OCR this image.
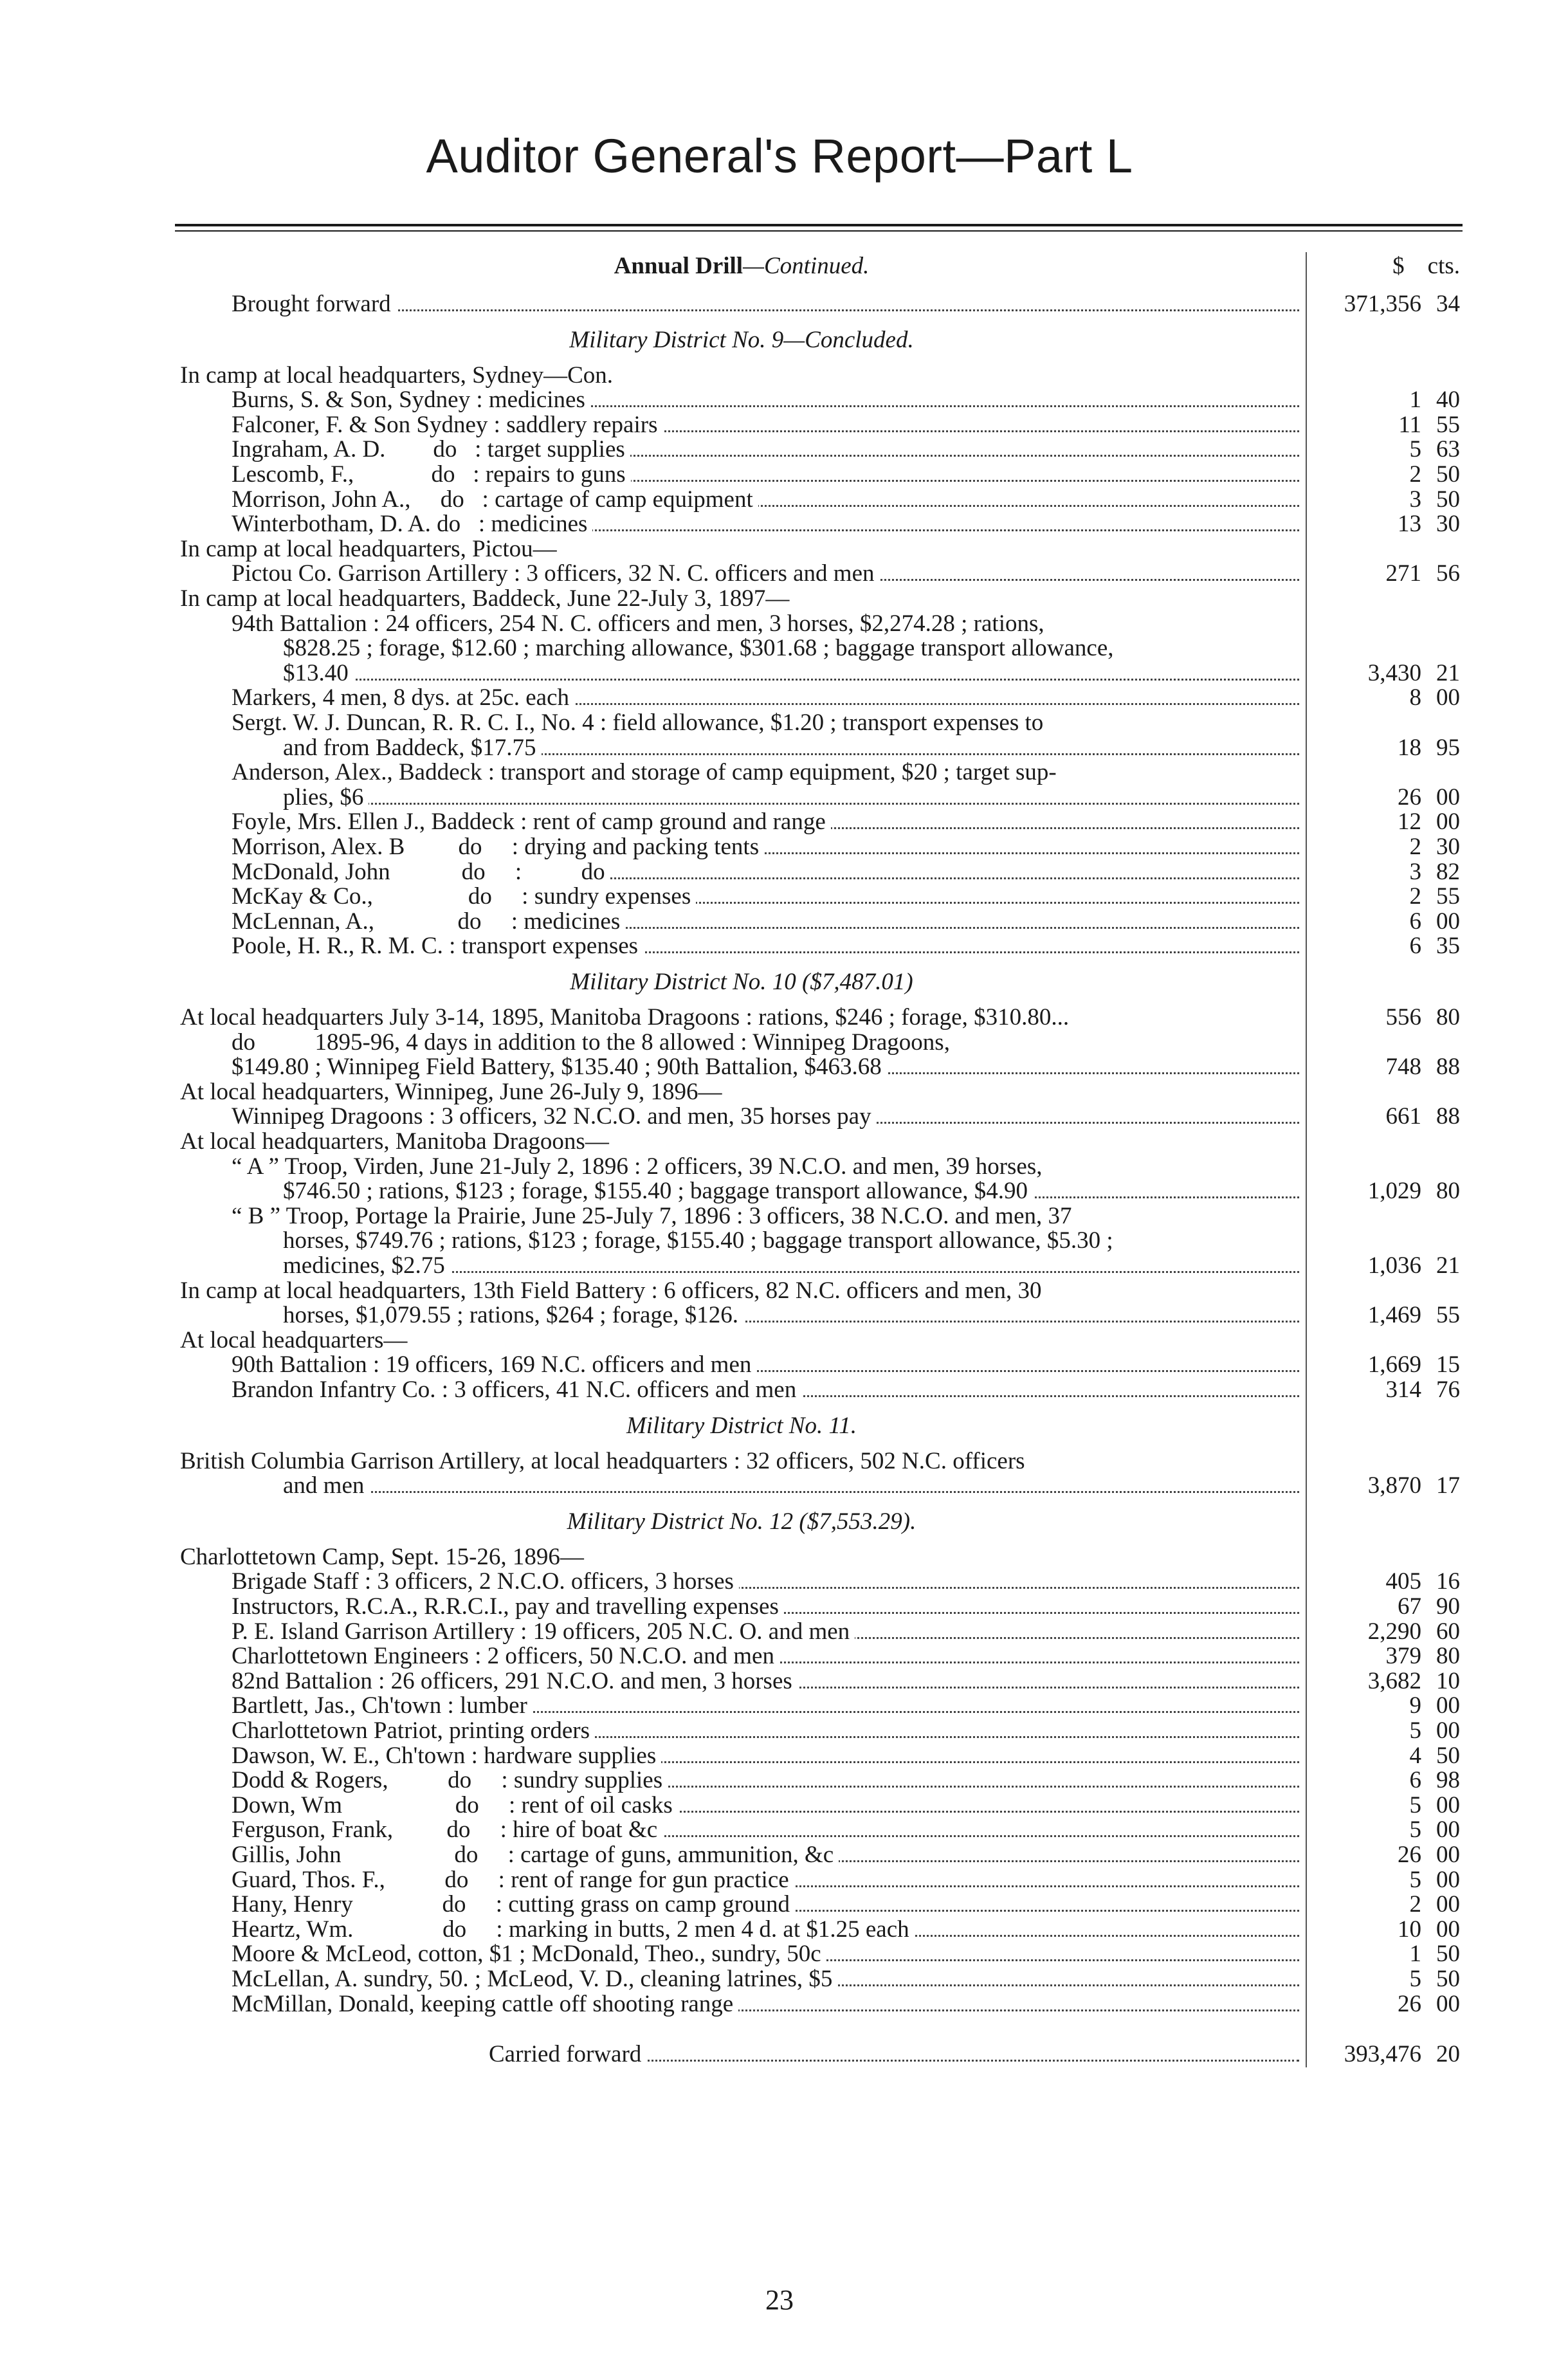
Auditor General's Report—Part L
Annual Drill—Continued.	$ cts.
Brought forward	371,356 34
Military District No. 9—Concluded.
In camp at local headquarters, Sydney—Con.
Burns, S. & Son, Sydney : medicines	1 40
Falconer, F. & Son Sydney : saddlery repairs	11 55
Ingraham, A. D.        do   : target supplies	5 63
Lescomb, F.,             do   : repairs to guns	2 50
Morrison, John A.,     do   : cartage of camp equipment	3 50
Winterbotham, D. A. do   : medicines	13 30
In camp at local headquarters, Pictou—
Pictou Co. Garrison Artillery : 3 officers, 32 N. C. officers and men	271 56
In camp at local headquarters, Baddeck, June 22-July 3, 1897—
94th Battalion : 24 officers, 254 N. C. officers and men, 3 horses, $2,274.28 ; rations,
$828.25 ; forage, $12.60 ; marching allowance, $301.68 ; baggage transport allowance,
$13.40	3,430 21
Markers, 4 men, 8 dys. at 25c. each	8 00
Sergt. W. J. Duncan, R. R. C. I., No. 4 : field allowance, $1.20 ; transport expenses to
and from Baddeck, $17.75	18 95
Anderson, Alex., Baddeck : transport and storage of camp equipment, $20 ; target sup-
plies, $6	26 00
Foyle, Mrs. Ellen J., Baddeck : rent of camp ground and range	12 00
Morrison, Alex. B         do     : drying and packing tents	2 30
McDonald, John            do     :          do	3 82
McKay & Co.,                do     : sundry expenses	2 55
McLennan, A.,              do     : medicines	6 00
Poole, H. R., R. M. C. : transport expenses	6 35
Military District No. 10 ($7,487.01)
At local headquarters July 3-14, 1895, Manitoba Dragoons : rations, $246 ; forage, $310.80...	556 80
do          1895-96, 4 days in addition to the 8 allowed : Winnipeg Dragoons,
$149.80 ; Winnipeg Field Battery, $135.40 ; 90th Battalion, $463.68	748 88
At local headquarters, Winnipeg, June 26-July 9, 1896—
Winnipeg Dragoons : 3 officers, 32 N.C.O. and men, 35 horses pay	661 88
At local headquarters, Manitoba Dragoons—
“ A ” Troop, Virden, June 21-July 2, 1896 : 2 officers, 39 N.C.O. and men, 39 horses,
$746.50 ; rations, $123 ; forage, $155.40 ; baggage transport allowance, $4.90	1,029 80
“ B ” Troop, Portage la Prairie, June 25-July 7, 1896 : 3 officers, 38 N.C.O. and men, 37
horses, $749.76 ; rations, $123 ; forage, $155.40 ; baggage transport allowance, $5.30 ;
medicines, $2.75	1,036 21
In camp at local headquarters, 13th Field Battery : 6 officers, 82 N.C. officers and men, 30
horses, $1,079.55 ; rations, $264 ; forage, $126.	1,469 55
At local headquarters—
90th Battalion : 19 officers, 169 N.C. officers and men	1,669 15
Brandon Infantry Co. : 3 officers, 41 N.C. officers and men	314 76
Military District No. 11.
British Columbia Garrison Artillery, at local headquarters : 32 officers, 502 N.C. officers
and men	3,870 17
Military District No. 12 ($7,553.29).
Charlottetown Camp, Sept. 15-26, 1896—
Brigade Staff : 3 officers, 2 N.C.O. officers, 3 horses	405 16
Instructors, R.C.A., R.R.C.I., pay and travelling expenses	67 90
P. E. Island Garrison Artillery : 19 officers, 205 N.C. O. and men	2,290 60
Charlottetown Engineers : 2 officers, 50 N.C.O. and men	379 80
82nd Battalion : 26 officers, 291 N.C.O. and men, 3 horses	3,682 10
Bartlett, Jas., Ch'town : lumber	9 00
Charlottetown Patriot, printing orders	5 00
Dawson, W. E., Ch'town : hardware supplies	4 50
Dodd & Rogers,          do     : sundry supplies	6 98
Down, Wm                   do     : rent of oil casks	5 00
Ferguson, Frank,         do     : hire of boat &c	5 00
Gillis, John                   do     : cartage of guns, ammunition, &c	26 00
Guard, Thos. F.,          do     : rent of range for gun practice	5 00
Hany, Henry               do     : cutting grass on camp ground	2 00
Heartz, Wm.               do     : marking in butts, 2 men 4 d. at $1.25 each	10 00
Moore & McLeod, cotton, $1 ; McDonald, Theo., sundry, 50c	1 50
McLellan, A. sundry, 50. ; McLeod, V. D., cleaning latrines, $5	5 50
McMillan, Donald, keeping cattle off shooting range	26 00
Carried forward	393,476 20
23
